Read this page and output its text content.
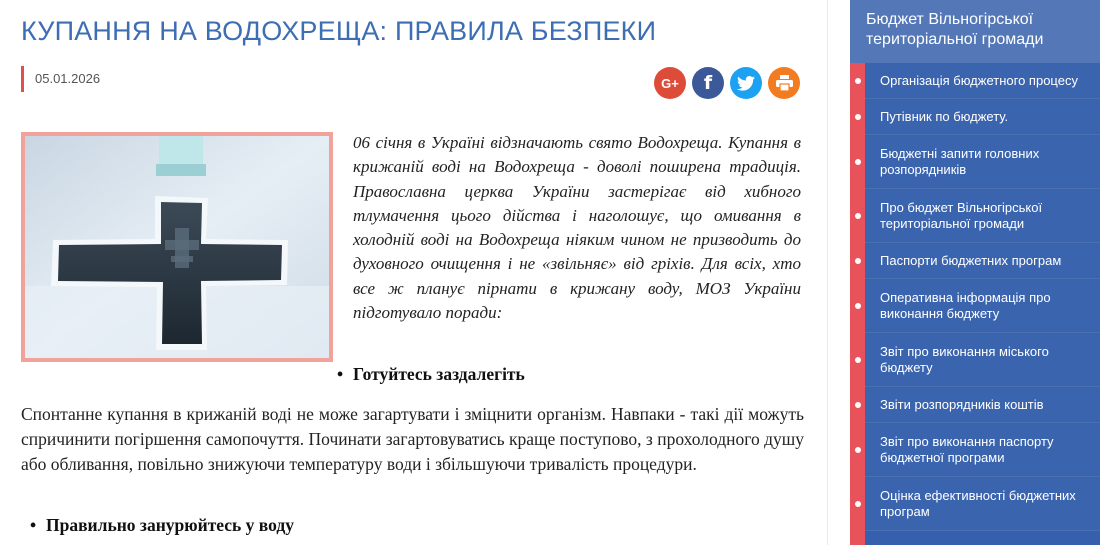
КУПАННЯ НА ВОДОХРЕЩА: ПРАВИЛА БЕЗПЕКИ
05.01.2026	G+	f

06 січня в Україні відзначають свято Водохреща. Купання в крижаній воді на Водохреща - доволі поширена традиція. Православна церква України застерігає від хибного тлумачення цього дійства і наголошує, що омивання в холодній воді на Водохреща ніяким чином не призводить до духовного очищення і не «звільняє» від гріхів. Для всіх, хто все ж планує пірнати в крижану воду, МОЗ України підготувало поради:

• Готуйтесь заздалегіть

Спонтанне купання в крижаній воді не може загартувати і зміцнити організм. Навпаки - такі дії можуть спричинити погіршення самопочуття. Починати загартовуватись краще поступово, з прохолодного душу або обливання, повільно знижуючи температуру води і збільшуючи тривалість процедури.

• Правильно занурюйтесь у воду
Бюджет Вільногірської територіальної громади
Організація бюджетного процесу
Путівник по бюджету.
Бюджетні запити головних розпорядників
Про бюджет Вільногірської територіальної громади
Паспорти бюджетних програм
Оперативна інформація про виконання бюджету
Звіт про виконання міського бюджету
Звіти розпорядників коштів
Звіт про виконання паспорту бюджетної програми
Оцінка ефективності бюджетних програм
